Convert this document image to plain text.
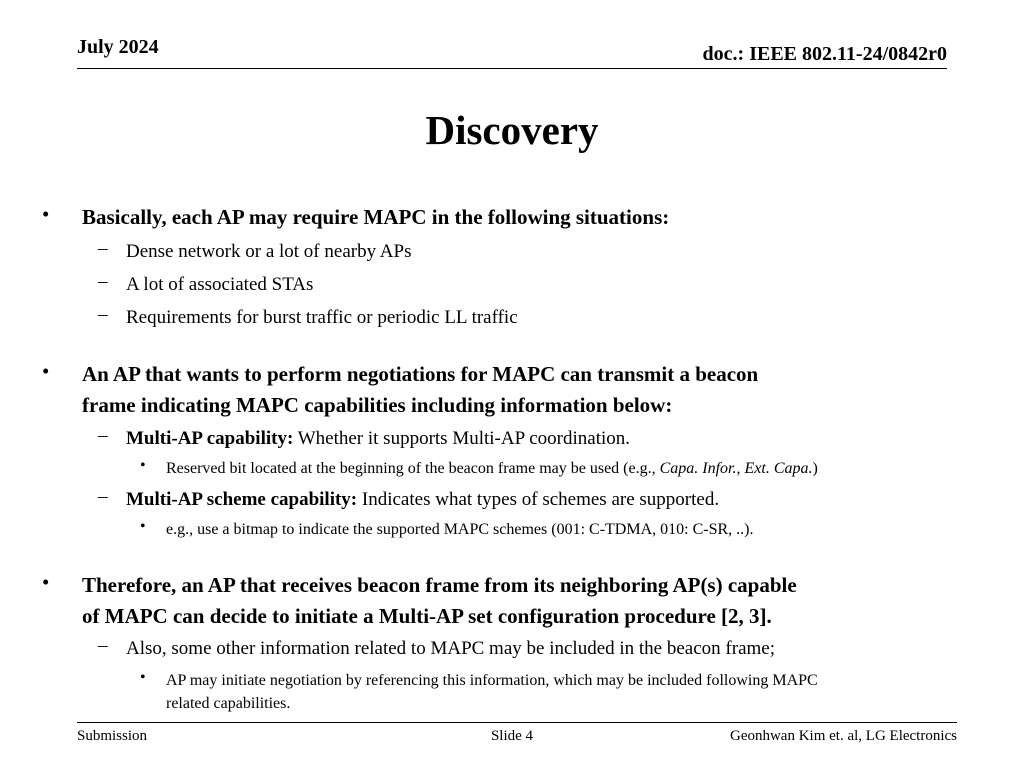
July 2024	doc.: IEEE 802.11-24/0842r0
Discovery
• Basically, each AP may require MAPC in the following situations:
– Dense network or a lot of nearby APs
– A lot of associated STAs
– Requirements for burst traffic or periodic LL traffic
• An AP that wants to perform negotiations for MAPC can transmit a beacon
frame indicating MAPC capabilities including information below:
– Multi-AP capability: Whether it supports Multi-AP coordination.
• Reserved bit located at the beginning of the beacon frame may be used (e.g., Capa. Infor., Ext. Capa.)
– Multi-AP scheme capability: Indicates what types of schemes are supported.
• e.g., use a bitmap to indicate the supported MAPC schemes (001: C-TDMA, 010: C-SR, ..).
• Therefore, an AP that receives beacon frame from its neighboring AP(s) capable
of MAPC can decide to initiate a Multi-AP set configuration procedure [2, 3].
– Also, some other information related to MAPC may be included in the beacon frame;
• AP may initiate negotiation by referencing this information, which may be included following MAPC
related capabilities.
Submission	Slide 4	Geonhwan Kim et. al, LG Electronics
